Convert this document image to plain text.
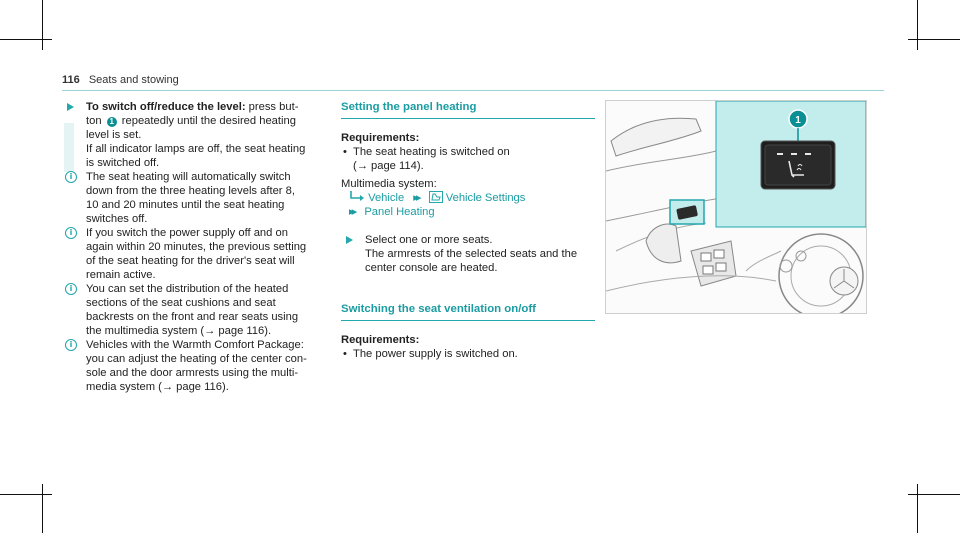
116 Seats and stowing
To switch off/reduce the level: press but-
ton 1 repeatedly until the desired heating
level is set.
If all indicator lamps are off, the seat heating
is switched off.
i	The seat heating will automatically switch
down from the three heating levels after 8,
10 and 20 minutes until the seat heating
switches off.
i	If you switch the power supply off and on
again within 20 minutes, the previous setting
of the seat heating for the driver's seat will
remain active.
i	You can set the distribution of the heated
sections of the seat cushions and seat
backrests on the front and rear seats using
the multimedia system (→ page 116).
i	Vehicles with the Warmth Comfort Package:
you can adjust the heating of the center con-
sole and the door armrests using the multi-
media system (→ page 116).
Setting the panel heating
Requirements:
• The seat heating is switched on
(→ page 114).
Multimedia system:
Vehicle ▸▸ Vehicle Settings
▸▸ Panel Heating
Select one or more seats.
The armrests of the selected seats and the
center console are heated.
Switching the seat ventilation on/off
Requirements:
• The power supply is switched on.
1
